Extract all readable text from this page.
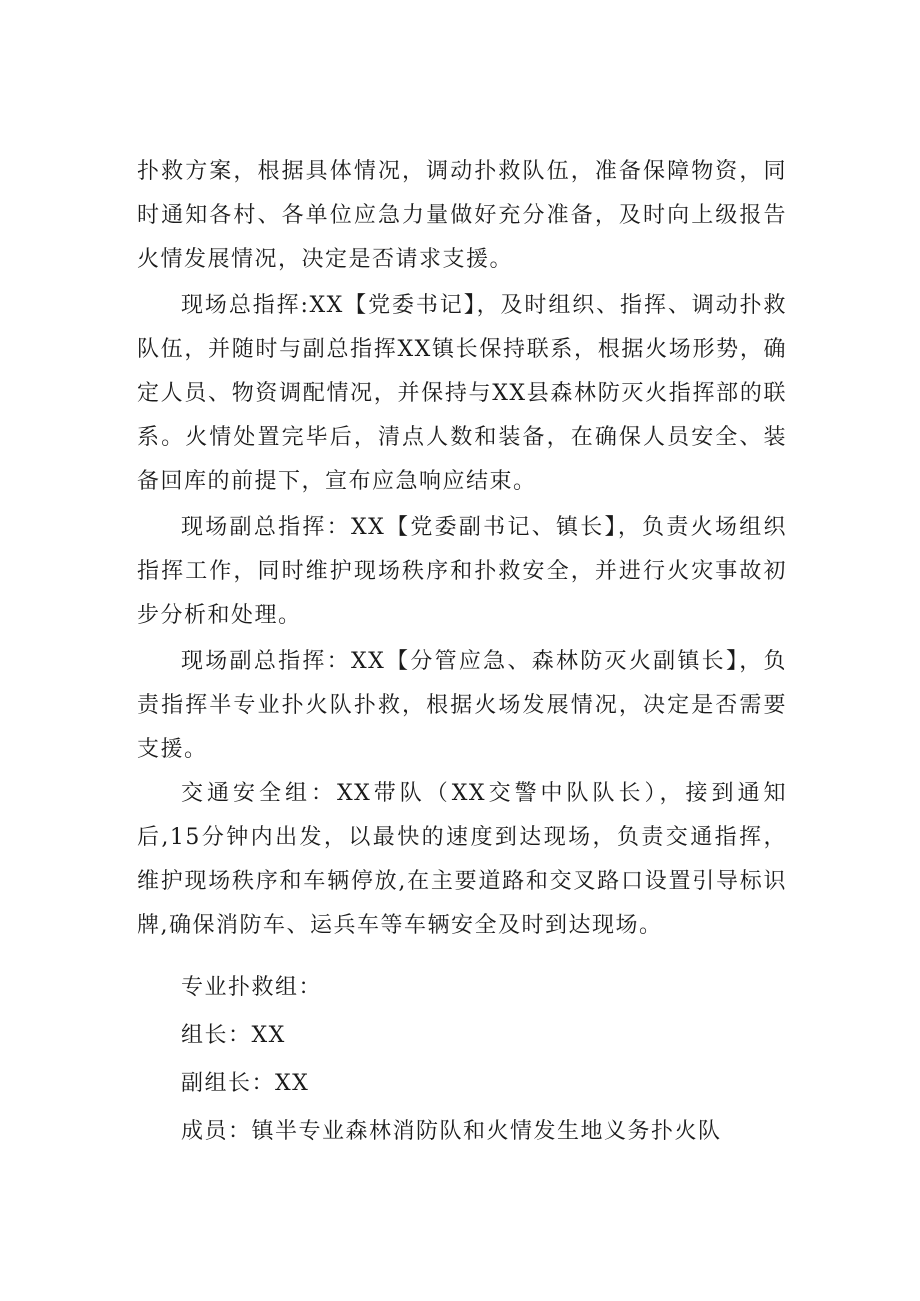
扑救方案，根据具体情况，调动扑救队伍，准备保障物资，同时通知各村、各单位应急力量做好充分准备，及时向上级报告火情发展情况，决定是否请求支援。

现场总指挥:XX【党委书记】，及时组织、指挥、调动扑救队伍，并随时与副总指挥XX镇长保持联系，根据火场形势，确定人员、物资调配情况，并保持与XX县森林防灭火指挥部的联系。火情处置完毕后，清点人数和装备，在确保人员安全、装备回库的前提下，宣布应急响应结束。

现场副总指挥：XX【党委副书记、镇长】，负责火场组织指挥工作，同时维护现场秩序和扑救安全，并进行火灾事故初步分析和处理。

现场副总指挥：XX【分管应急、森林防灭火副镇长】，负责指挥半专业扑火队扑救，根据火场发展情况，决定是否需要支援。

交通安全组：XX带队（XX交警中队队长），接到通知后,15分钟内出发，以最快的速度到达现场，负责交通指挥，维护现场秩序和车辆停放,在主要道路和交叉路口设置引导标识牌,确保消防车、运兵车等车辆安全及时到达现场。

专业扑救组：

组长：XX

副组长：XX

成员：镇半专业森林消防队和火情发生地义务扑火队
